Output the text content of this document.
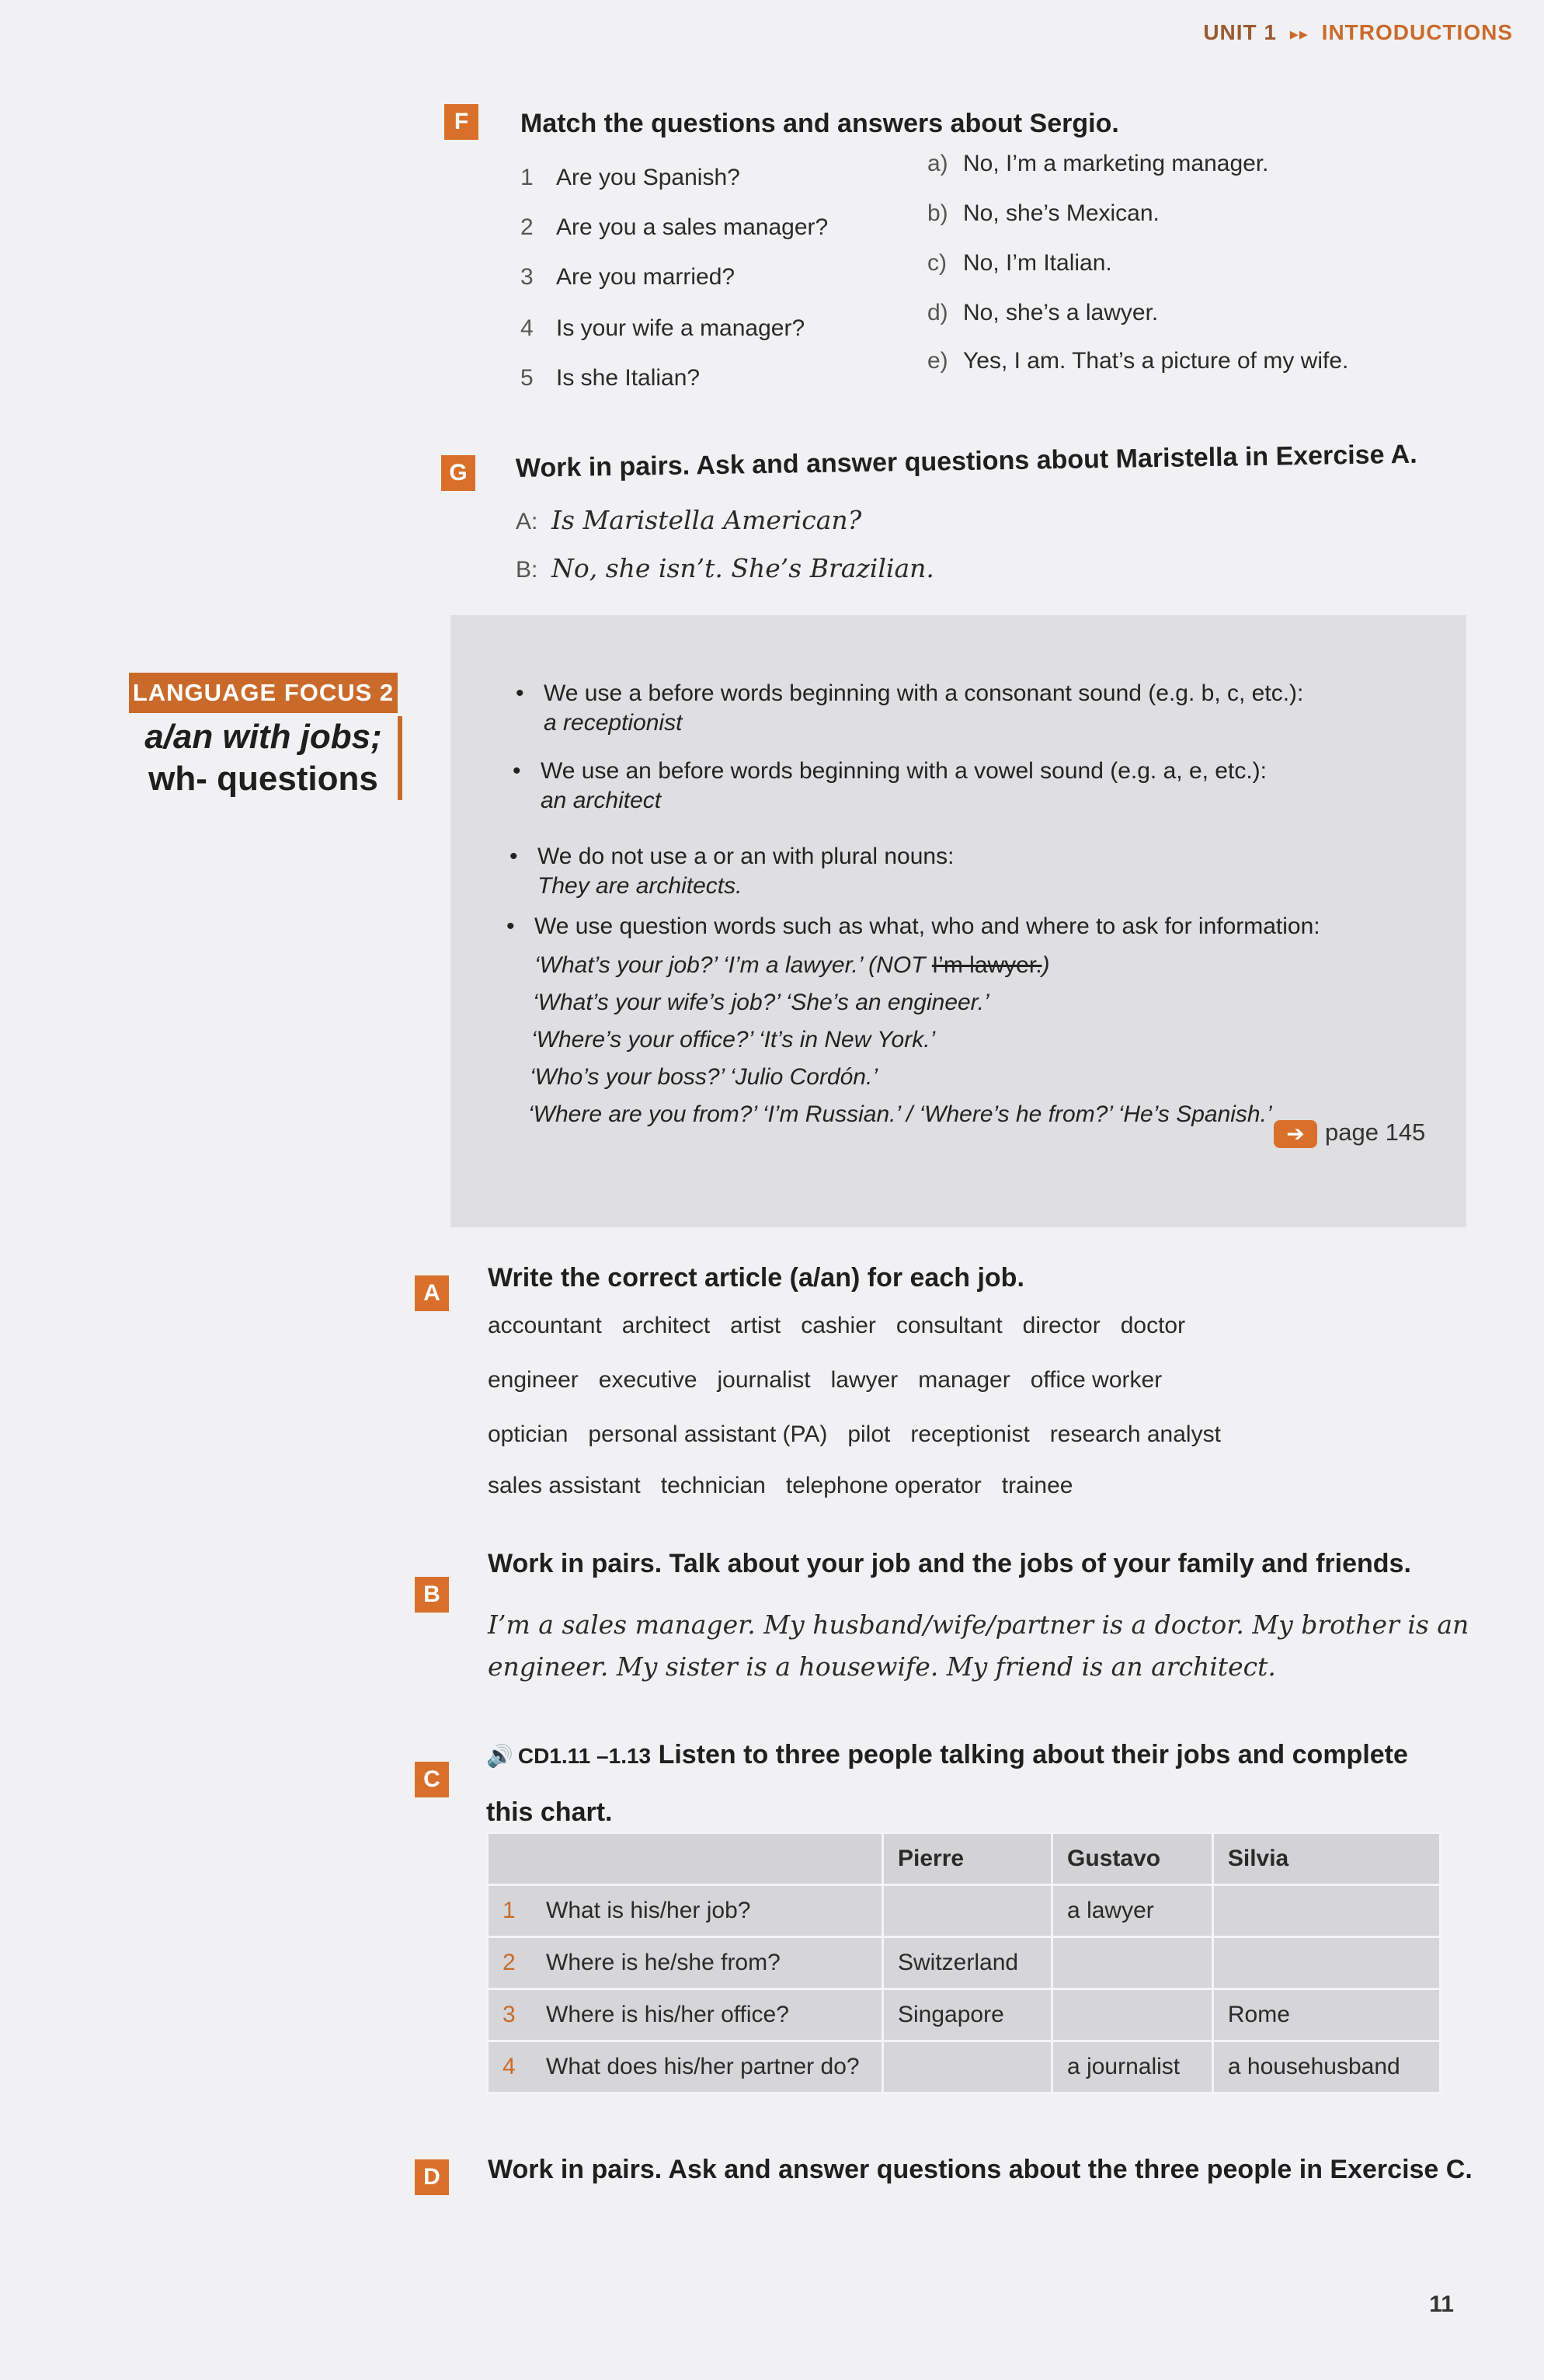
UNIT 1 ▸▸ INTRODUCTIONS
F	Match the questions and answers about Sergio.
1 Are you Spanish?
2 Are you a sales manager?
3 Are you married?
4 Is your wife a manager?
5 Is she Italian?
a) No, I’m a marketing manager.
b) No, she’s Mexican.
c) No, I’m Italian.
d) No, she’s a lawyer.
e) Yes, I am. That’s a picture of my wife.
G	Work in pairs. Ask and answer questions about Maristella in Exercise A.
A: Is Maristella American?
B: No, she isn’t. She’s Brazilian.
LANGUAGE FOCUS 2
a/an with jobs;
wh- questions
• We use a before words beginning with a consonant sound (e.g. b, c, etc.):
a receptionist
• We use an before words beginning with a vowel sound (e.g. a, e, etc.):
an architect
• We do not use a or an with plural nouns:
They are architects.
• We use question words such as what, who and where to ask for information:
‘What’s your job?’ ‘I’m a lawyer.’ (NOT I’m lawyer.)
‘What’s your wife’s job?’ ‘She’s an engineer.’
‘Where’s your office?’ ‘It’s in New York.’
‘Who’s your boss?’ ‘Julio Cordón.’
‘Where are you from?’ ‘I’m Russian.’ / ‘Where’s he from?’ ‘He’s Spanish.’
➔ page 145
A
Write the correct article (a/an) for each job.
accountant architect artist cashier consultant director doctor
engineer executive journalist lawyer manager office worker
optician personal assistant (PA) pilot receptionist research analyst
sales assistant technician telephone operator trainee
B
Work in pairs. Talk about your job and the jobs of your family and friends.
I’m a sales manager. My husband/wife/partner is a doctor. My brother is an
engineer. My sister is a housewife. My friend is an architect.
C
🔊 CD1.11 –1.13 Listen to three people talking about their jobs and complete
this chart.
	Pierre	Gustavo	Silvia
1 What is his/her job?		a lawyer	
2 Where is he/she from?	Switzerland		
3 Where is his/her office?	Singapore		Rome
4 What does his/her partner do?		a journalist	a househusband
D	Work in pairs. Ask and answer questions about the three people in Exercise C.
11
